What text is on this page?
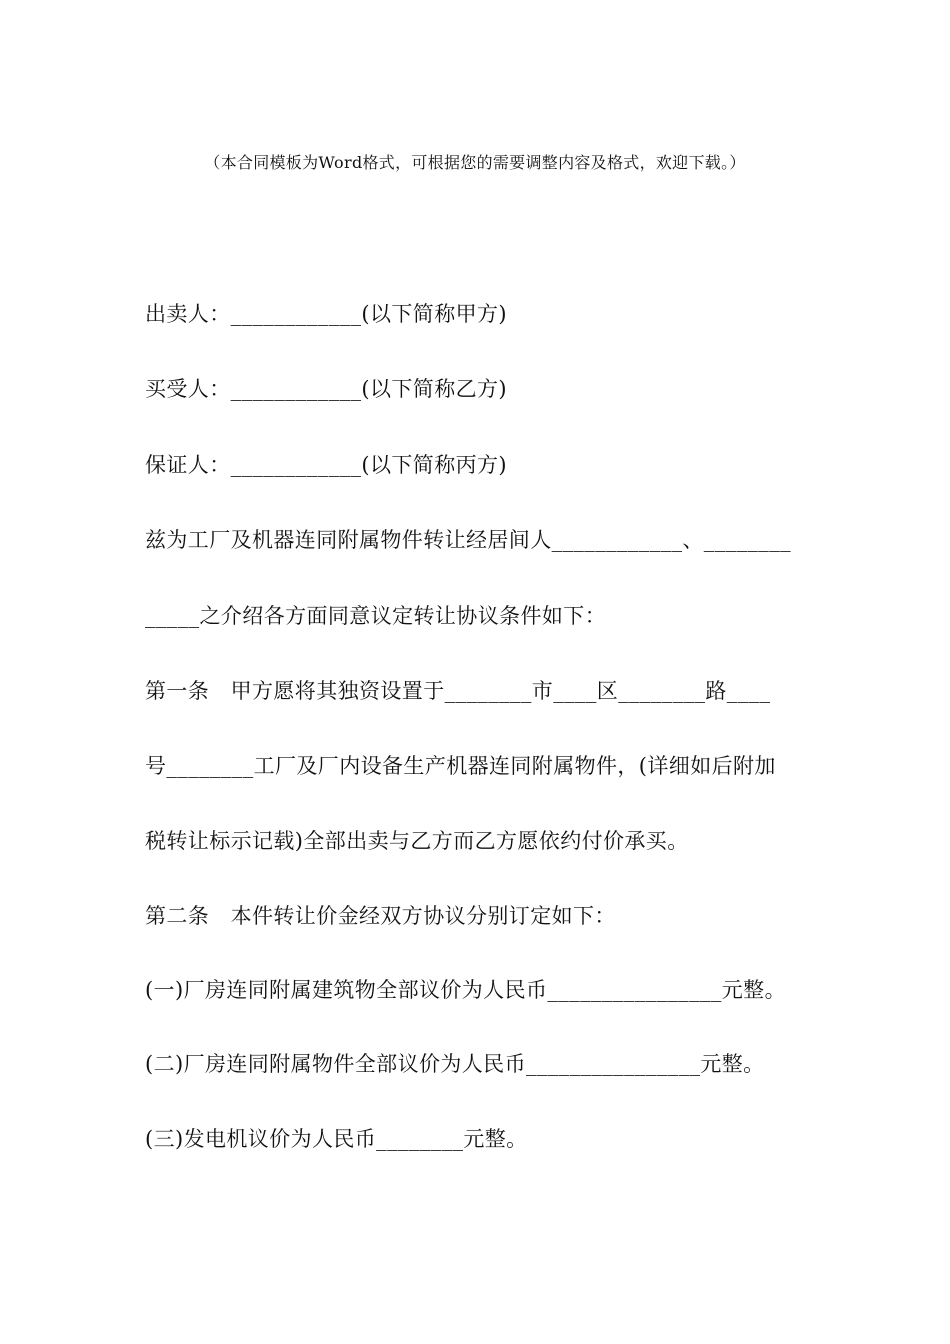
（本合同模板为Word格式，可根据您的需要调整内容及格式，欢迎下载。）
出卖人：____________(以下简称甲方)
买受人：____________(以下简称乙方)
保证人：____________(以下简称丙方)
兹为工厂及机器连同附属物件转让经居间人____________、________
_____之介绍各方面同意议定转让协议条件如下：
第一条　甲方愿将其独资设置于________市____区________路____
号________工厂及厂内设备生产机器连同附属物件，(详细如后附加
税转让标示记载)全部出卖与乙方而乙方愿依约付价承买。
第二条　本件转让价金经双方协议分别订定如下：
(一)厂房连同附属建筑物全部议价为人民币________________元整。
(二)厂房连同附属物件全部议价为人民币________________元整。
(三)发电机议价为人民币________元整。
